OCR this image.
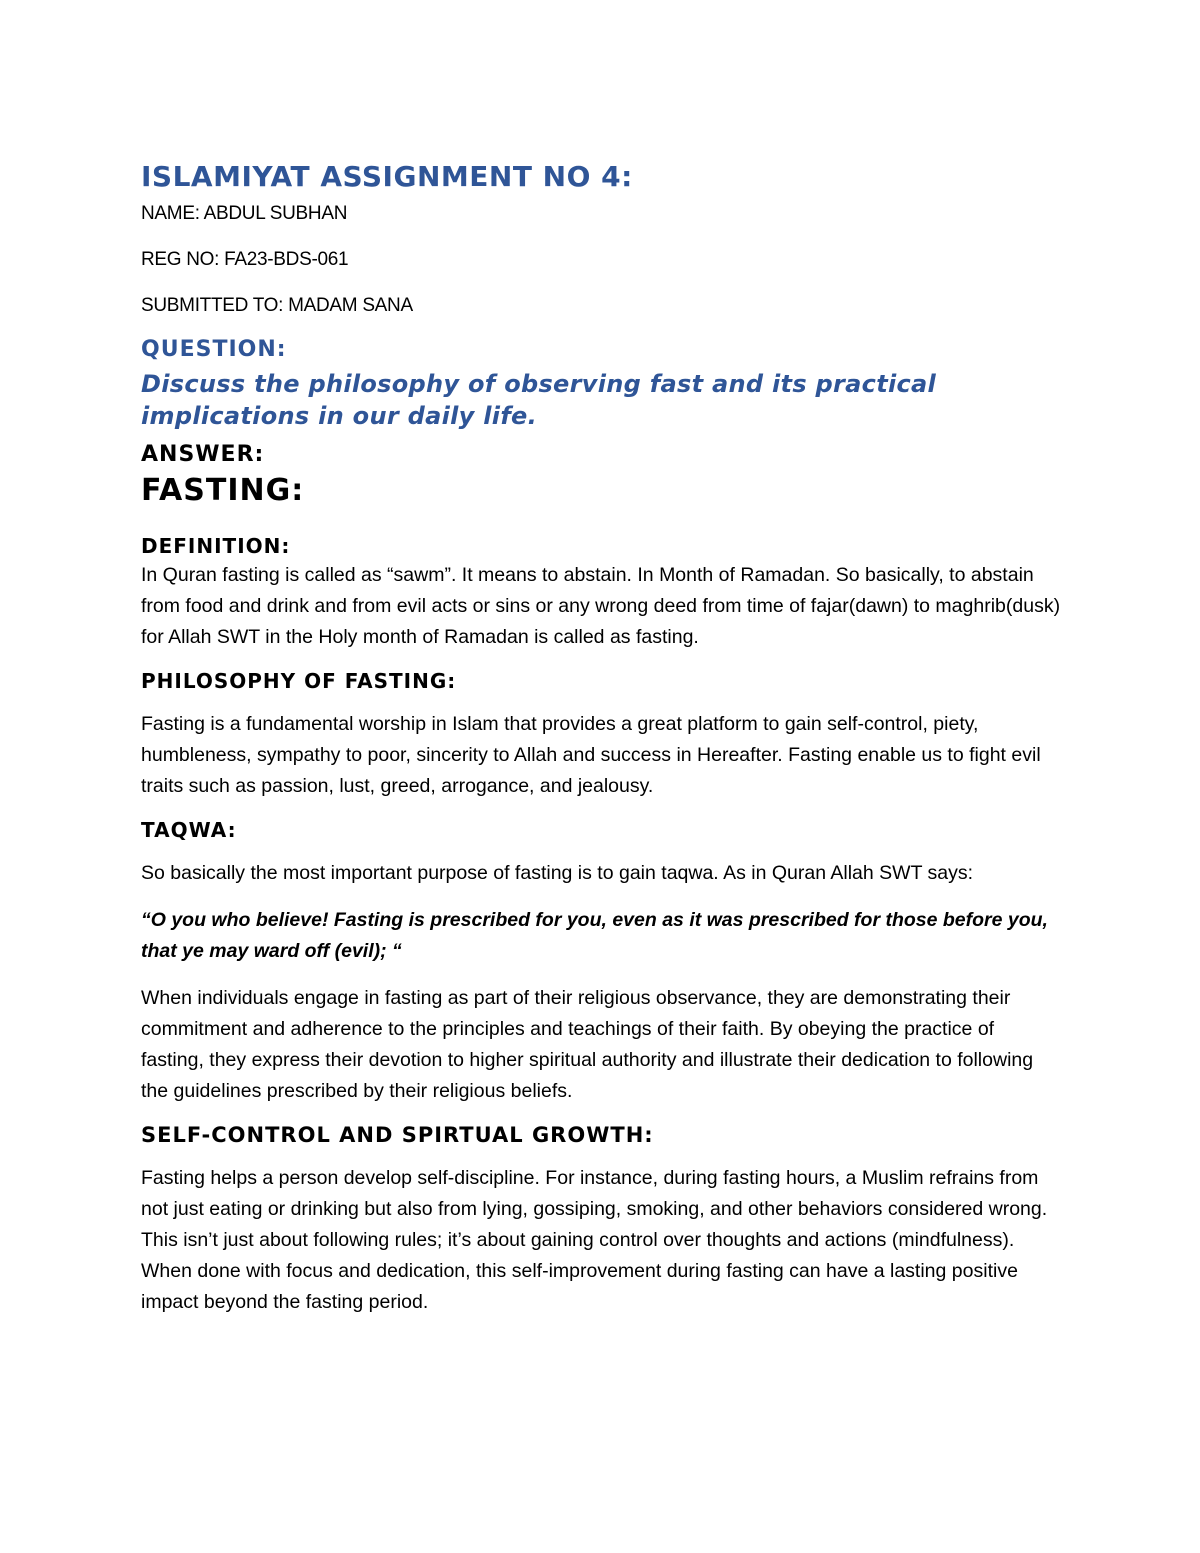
ISLAMIYAT ASSIGNMENT NO 4:
NAME: ABDUL SUBHAN
REG NO: FA23-BDS-061
SUBMITTED TO: MADAM SANA
QUESTION:
Discuss the philosophy of observing fast and its practical implications in our daily life.
ANSWER:
FASTING:
DEFINITION:
In Quran fasting is called as “sawm”. It means to abstain. In Month of Ramadan. So basically, to abstain from food and drink and from evil acts or sins or any wrong deed from time of fajar(dawn) to maghrib(dusk) for Allah SWT in the Holy month of Ramadan is called as fasting.
PHILOSOPHY OF FASTING:
Fasting is a fundamental worship in Islam that provides a great platform to gain self-control, piety, humbleness, sympathy to poor, sincerity to Allah and success in Hereafter. Fasting enable us to fight evil traits such as passion, lust, greed, arrogance, and jealousy.
TAQWA:
So basically the most important purpose of fasting is to gain taqwa. As in Quran Allah SWT says:
“O you who believe! Fasting is prescribed for you, even as it was prescribed for those before you, that ye may ward off (evil); “
When individuals engage in fasting as part of their religious observance, they are demonstrating their commitment and adherence to the principles and teachings of their faith. By obeying the practice of fasting, they express their devotion to higher spiritual authority and illustrate their dedication to following the guidelines prescribed by their religious beliefs.
SELF-CONTROL AND SPIRTUAL GROWTH:
Fasting helps a person develop self-discipline. For instance, during fasting hours, a Muslim refrains from not just eating or drinking but also from lying, gossiping, smoking, and other behaviors considered wrong. This isn’t just about following rules; it’s about gaining control over thoughts and actions (mindfulness). When done with focus and dedication, this self-improvement during fasting can have a lasting positive impact beyond the fasting period.
